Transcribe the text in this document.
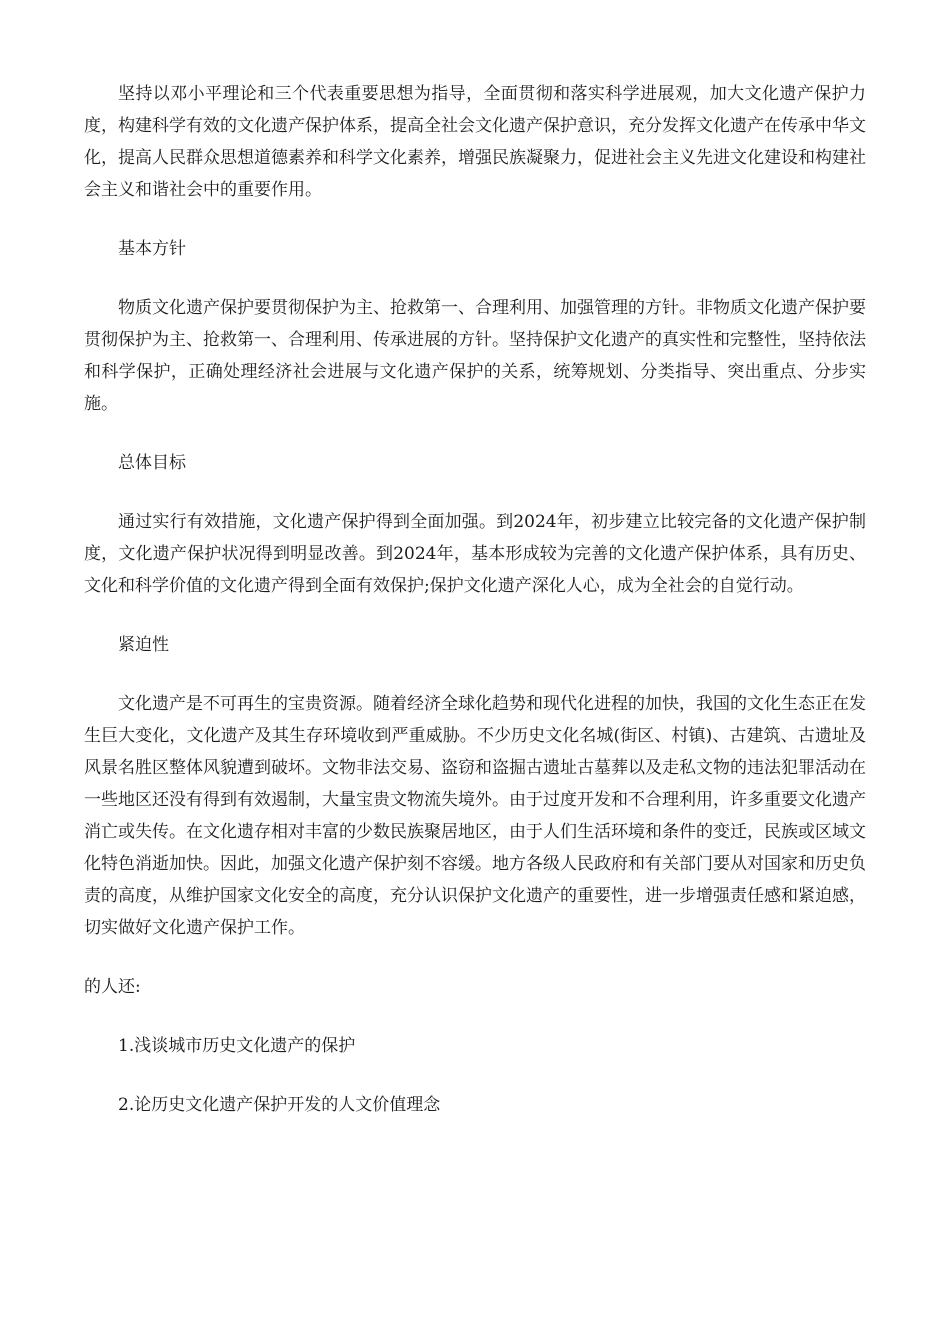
坚持以邓小平理论和三个代表重要思想为指导，全面贯彻和落实科学进展观，加大文化遗产保护力度，构建科学有效的文化遗产保护体系，提高全社会文化遗产保护意识，充分发挥文化遗产在传承中华文化，提高人民群众思想道德素养和科学文化素养，增强民族凝聚力，促进社会主义先进文化建设和构建社会主义和谐社会中的重要作用。

基本方针

物质文化遗产保护要贯彻保护为主、抢救第一、合理利用、加强管理的方针。非物质文化遗产保护要贯彻保护为主、抢救第一、合理利用、传承进展的方针。坚持保护文化遗产的真实性和完整性，坚持依法和科学保护，正确处理经济社会进展与文化遗产保护的关系，统筹规划、分类指导、突出重点、分步实施。

总体目标

通过实行有效措施，文化遗产保护得到全面加强。到2024年，初步建立比较完备的文化遗产保护制度，文化遗产保护状况得到明显改善。到2024年，基本形成较为完善的文化遗产保护体系，具有历史、文化和科学价值的文化遗产得到全面有效保护;保护文化遗产深化人心，成为全社会的自觉行动。

紧迫性

文化遗产是不可再生的宝贵资源。随着经济全球化趋势和现代化进程的加快，我国的文化生态正在发生巨大变化，文化遗产及其生存环境收到严重威胁。不少历史文化名城(街区、村镇)、古建筑、古遗址及风景名胜区整体风貌遭到破坏。文物非法交易、盗窃和盗掘古遗址古墓葬以及走私文物的违法犯罪活动在一些地区还没有得到有效遏制，大量宝贵文物流失境外。由于过度开发和不合理利用，许多重要文化遗产消亡或失传。在文化遗存相对丰富的少数民族聚居地区，由于人们生活环境和条件的变迁，民族或区域文化特色消逝加快。因此，加强文化遗产保护刻不容缓。地方各级人民政府和有关部门要从对国家和历史负责的高度，从维护国家文化安全的高度，充分认识保护文化遗产的重要性，进一步增强责任感和紧迫感，切实做好文化遗产保护工作。

的人还:

1.浅谈城市历史文化遗产的保护
2.论历史文化遗产保护开发的人文价值理念
